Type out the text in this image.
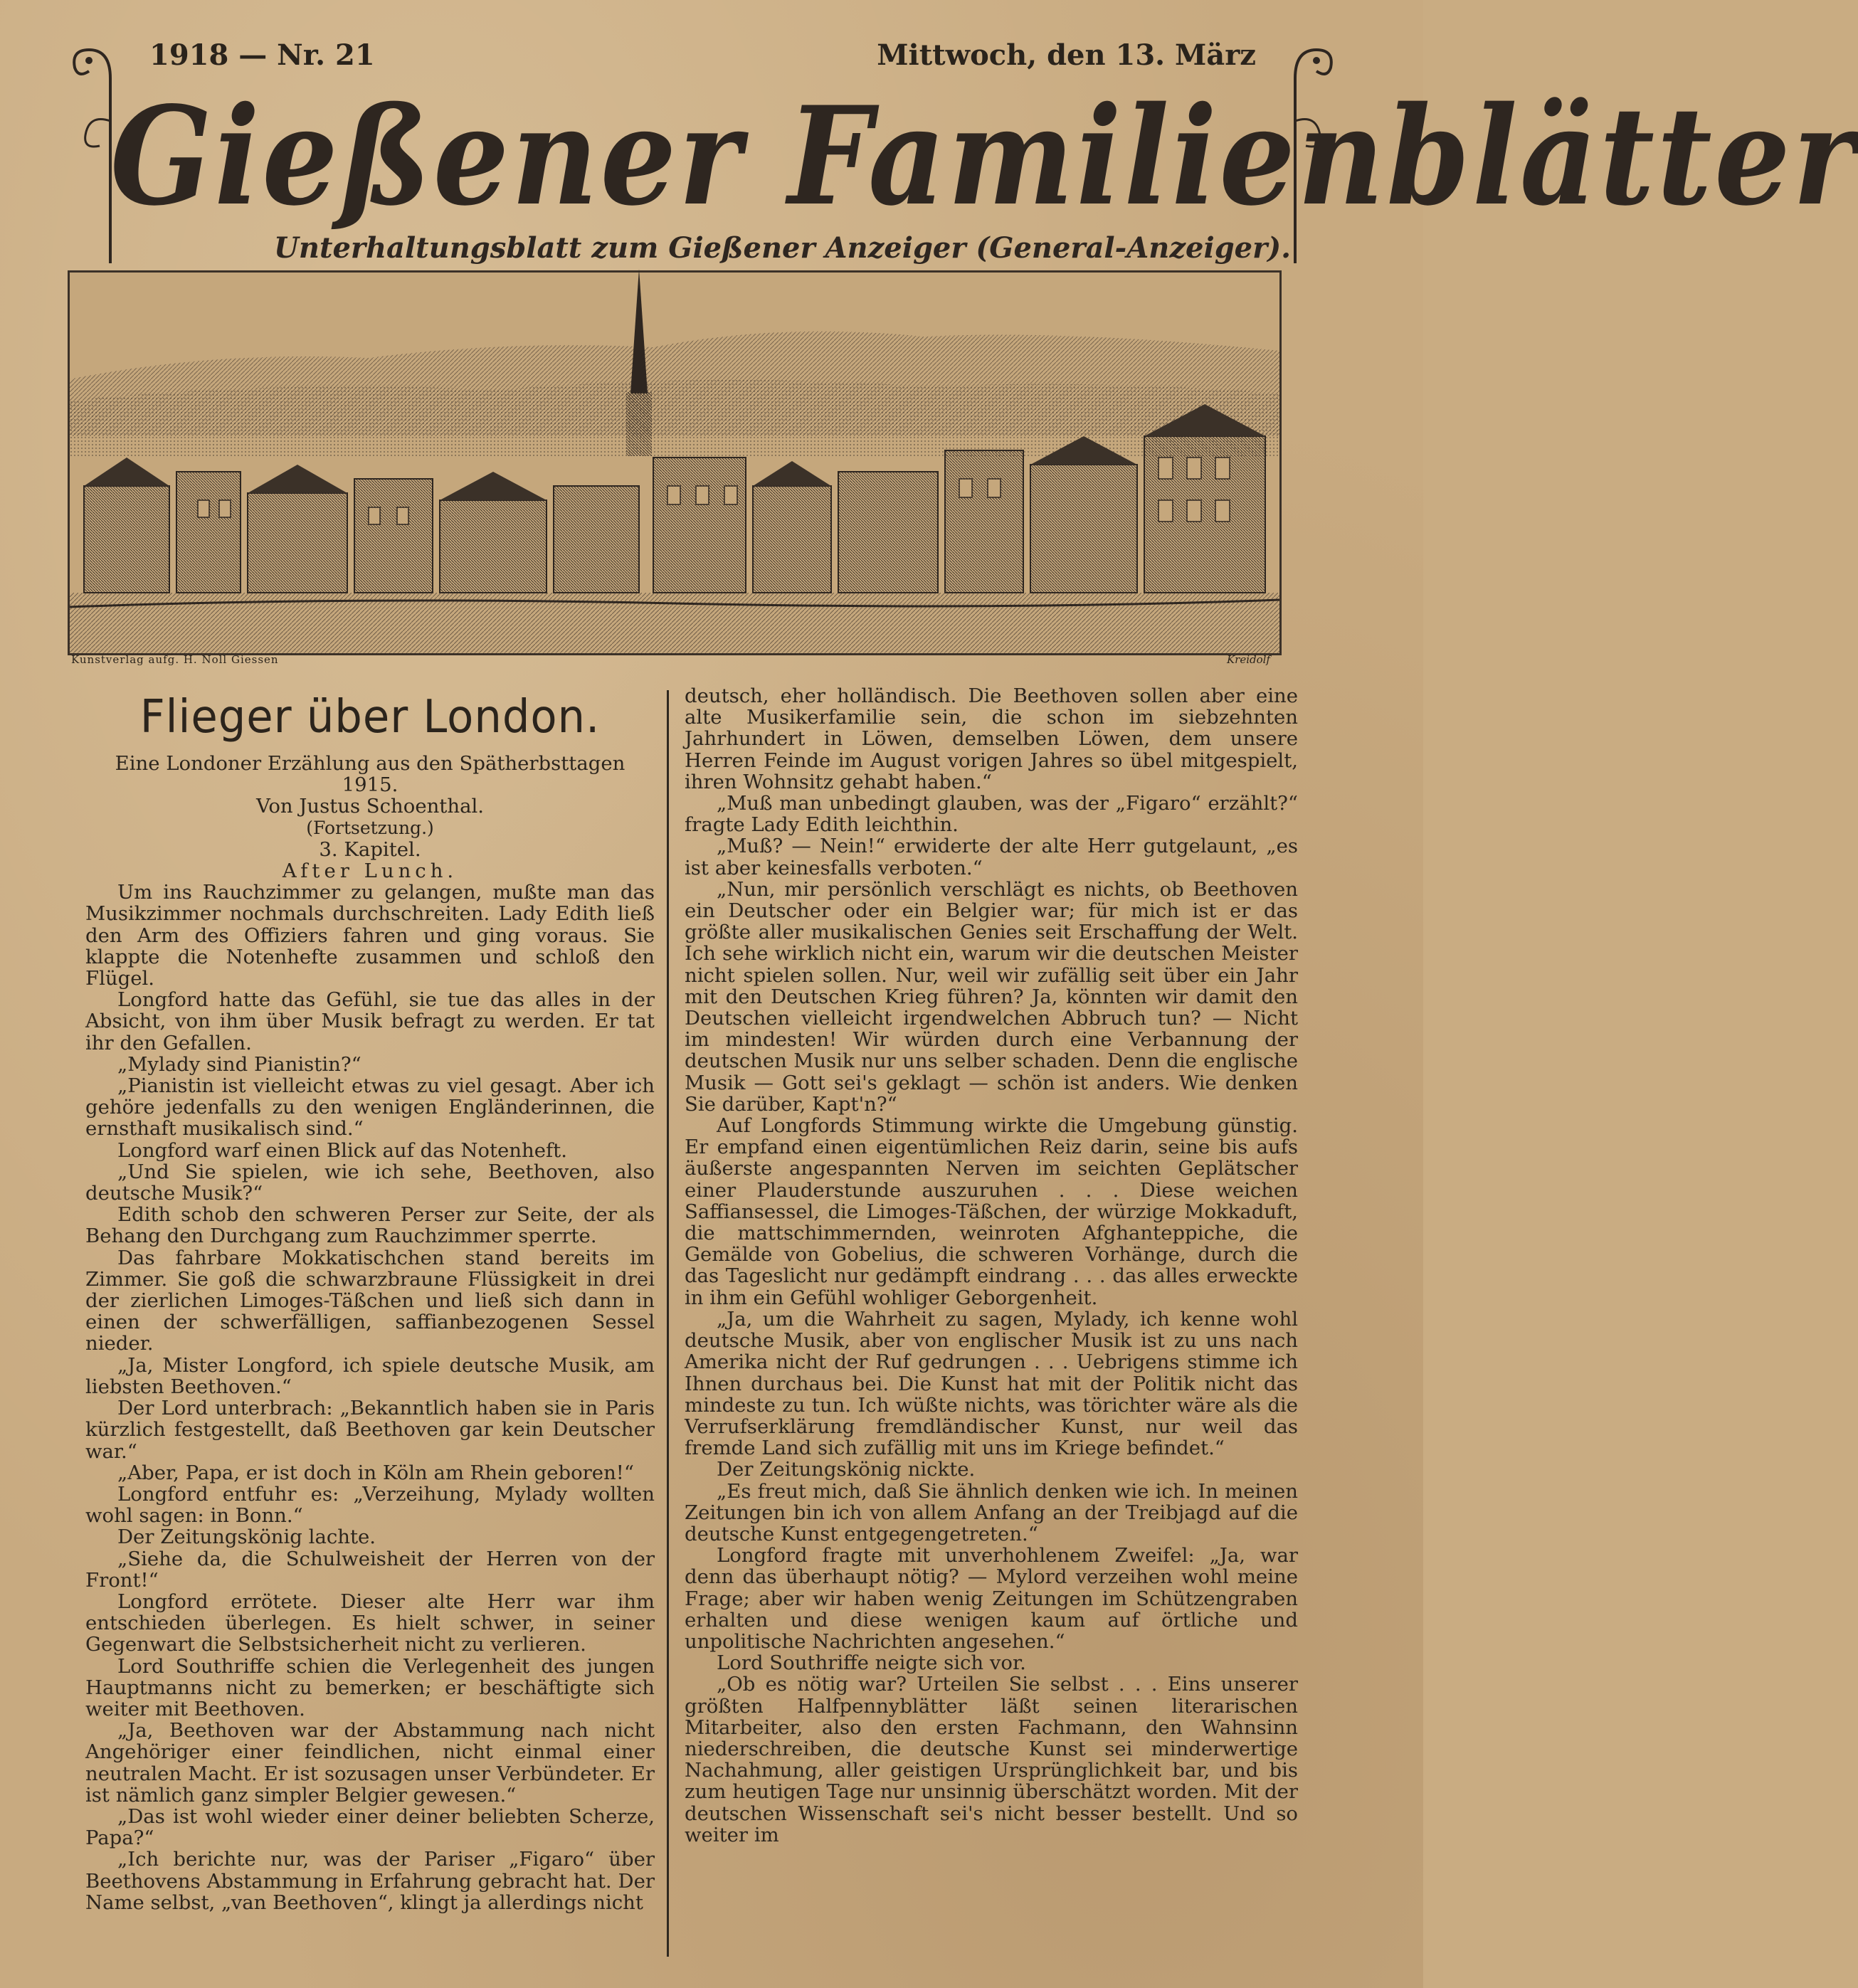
1918 — Nr. 21	Mittwoch, den 13. März
Gießener Familienblätter
Unterhaltungsblatt zum Gießener Anzeiger (General-Anzeiger).
Kunstverlag aufg. H. Noll Giessen	Kreidolf
Flieger über London.
Eine Londoner Erzählung aus den Spätherbsttagen 1915.
Von Justus Schoenthal.
(Fortsetzung.)
3. Kapitel.
After Lunch.

Um ins Rauchzimmer zu gelangen, mußte man das Musikzimmer nochmals durchschreiten. Lady Edith ließ den Arm des Offiziers fahren und ging voraus. Sie klappte die Notenhefte zusammen und schloß den Flügel.

Longford hatte das Gefühl, sie tue das alles in der Absicht, von ihm über Musik befragt zu werden. Er tat ihr den Gefallen.

„Mylady sind Pianistin?“

„Pianistin ist vielleicht etwas zu viel gesagt. Aber ich gehöre jedenfalls zu den wenigen Engländerinnen, die ernsthaft musikalisch sind.“

Longford warf einen Blick auf das Notenheft.

„Und Sie spielen, wie ich sehe, Beethoven, also deutsche Musik?“

Edith schob den schweren Perser zur Seite, der als Behang den Durchgang zum Rauchzimmer sperrte.

Das fahrbare Mokkatischchen stand bereits im Zimmer. Sie goß die schwarzbraune Flüssigkeit in drei der zierlichen Limoges-Täßchen und ließ sich dann in einen der schwerfälligen, saffianbezogenen Sessel nieder.

„Ja, Mister Longford, ich spiele deutsche Musik, am liebsten Beethoven.“

Der Lord unterbrach: „Bekanntlich haben sie in Paris kürzlich festgestellt, daß Beethoven gar kein Deutscher war.“

„Aber, Papa, er ist doch in Köln am Rhein geboren!“

Longford entfuhr es: „Verzeihung, Mylady wollten wohl sagen: in Bonn.“

Der Zeitungskönig lachte.

„Siehe da, die Schulweisheit der Herren von der Front!“

Longford errötete. Dieser alte Herr war ihm entschieden überlegen. Es hielt schwer, in seiner Gegenwart die Selbstsicherheit nicht zu verlieren.

Lord Southriffe schien die Verlegenheit des jungen Hauptmanns nicht zu bemerken; er beschäftigte sich weiter mit Beethoven.

„Ja, Beethoven war der Abstammung nach nicht Angehöriger einer feindlichen, nicht einmal einer neutralen Macht. Er ist sozusagen unser Verbündeter. Er ist nämlich ganz simpler Belgier gewesen.“

„Das ist wohl wieder einer deiner beliebten Scherze, Papa?“

„Ich berichte nur, was der Pariser „Figaro“ über Beethovens Abstammung in Erfahrung gebracht hat. Der Name selbst, „van Beethoven“, klingt ja allerdings nicht

deutsch, eher holländisch. Die Beethoven sollen aber eine alte Musikerfamilie sein, die schon im siebzehnten Jahrhundert in Löwen, demselben Löwen, dem unsere Herren Feinde im August vorigen Jahres so übel mitgespielt, ihren Wohnsitz gehabt haben.“

„Muß man unbedingt glauben, was der „Figaro“ erzählt?“ fragte Lady Edith leichthin.

„Muß? — Nein!“ erwiderte der alte Herr gutgelaunt, „es ist aber keinesfalls verboten.“

„Nun, mir persönlich verschlägt es nichts, ob Beethoven ein Deutscher oder ein Belgier war; für mich ist er das größte aller musikalischen Genies seit Erschaffung der Welt. Ich sehe wirklich nicht ein, warum wir die deutschen Meister nicht spielen sollen. Nur, weil wir zufällig seit über ein Jahr mit den Deutschen Krieg führen? Ja, könnten wir damit den Deutschen vielleicht irgendwelchen Abbruch tun? — Nicht im mindesten! Wir würden durch eine Verbannung der deutschen Musik nur uns selber schaden. Denn die englische Musik — Gott sei's geklagt — schön ist anders. Wie denken Sie darüber, Kapt'n?“

Auf Longfords Stimmung wirkte die Umgebung günstig. Er empfand einen eigentümlichen Reiz darin, seine bis aufs äußerste angespannten Nerven im seichten Geplätscher einer Plauderstunde auszuruhen . . . Diese weichen Saffiansessel, die Limoges-Täßchen, der würzige Mokkaduft, die mattschimmernden, weinroten Afghanteppiche, die Gemälde von Gobelius, die schweren Vorhänge, durch die das Tageslicht nur gedämpft eindrang . . . das alles erweckte in ihm ein Gefühl wohliger Geborgenheit.

„Ja, um die Wahrheit zu sagen, Mylady, ich kenne wohl deutsche Musik, aber von englischer Musik ist zu uns nach Amerika nicht der Ruf gedrungen . . . Uebrigens stimme ich Ihnen durchaus bei. Die Kunst hat mit der Politik nicht das mindeste zu tun. Ich wüßte nichts, was törichter wäre als die Verrufserklärung fremdländischer Kunst, nur weil das fremde Land sich zufällig mit uns im Kriege befindet.“

Der Zeitungskönig nickte.

„Es freut mich, daß Sie ähnlich denken wie ich. In meinen Zeitungen bin ich von allem Anfang an der Treibjagd auf die deutsche Kunst entgegengetreten.“

Longford fragte mit unverhohlenem Zweifel: „Ja, war denn das überhaupt nötig? — Mylord verzeihen wohl meine Frage; aber wir haben wenig Zeitungen im Schützengraben erhalten und diese wenigen kaum auf örtliche und unpolitische Nachrichten angesehen.“

Lord Southriffe neigte sich vor.

„Ob es nötig war? Urteilen Sie selbst . . . Eins unserer größten Halfpennyblätter läßt seinen literarischen Mitarbeiter, also den ersten Fachmann, den Wahnsinn niederschreiben, die deutsche Kunst sei minderwertige Nachahmung, aller geistigen Ursprünglichkeit bar, und bis zum heutigen Tage nur unsinnig überschätzt worden. Mit der deutschen Wissenschaft sei's nicht besser bestellt. Und so weiter im
